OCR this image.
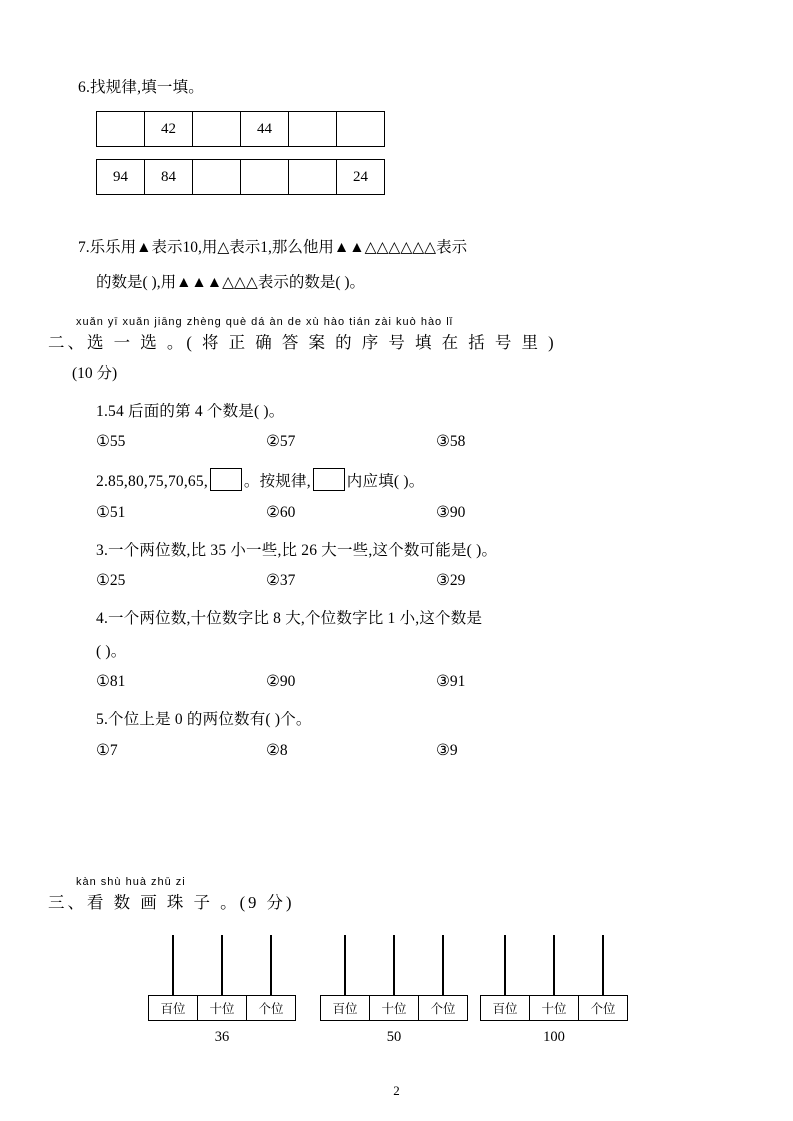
6.找规律,填一填。
	42		44		
94	84				24
7.乐乐用▲表示10,用△表示1,那么他用▲▲△△△△△△表示
的数是( ),用▲▲▲△△△表示的数是( )。
xuǎn yī xuǎn jiāng zhèng què dá àn de xù hào tián zài kuò hào lǐ
二、选 一 选 。( 将 正 确 答 案 的 序 号 填 在 括 号 里 )
(10 分)
1.54 后面的第 4 个数是( )。
①55	②57	③58
2.85,80,75,70,65, 。按规律, 内应填( )。
①51	②60	③90
3.一个两位数,比 35 小一些,比 26 大一些,这个数可能是( )。
①25	②37	③29
4.一个两位数,十位数字比 8 大,个位数字比 1 小,这个数是
( )。
①81	②90	③91
5.个位上是 0 的两位数有( )个。
①7	②8	③9
kàn shù huà zhū zi
三、看 数 画 珠 子 。(9 分)
百位	十位	个位
36
百位	十位	个位
50
百位	十位	个位
100
2
